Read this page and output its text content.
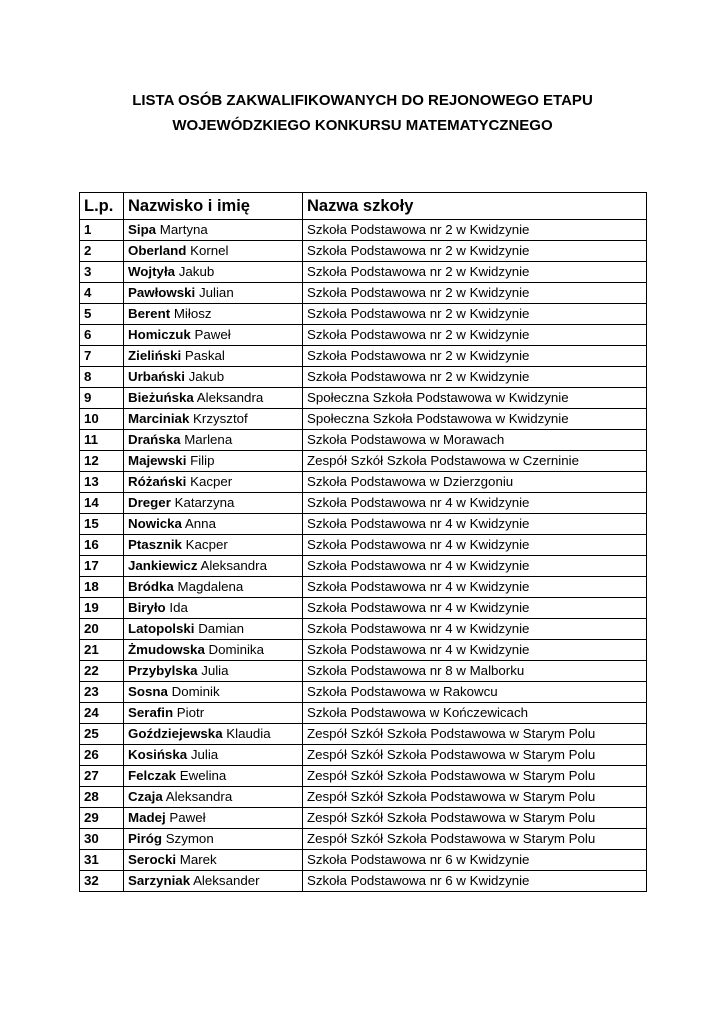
LISTA OSÓB ZAKWALIFIKOWANYCH DO REJONOWEGO ETAPU
WOJEWÓDZKIEGO KONKURSU MATEMATYCZNEGO
L.p.	Nazwisko i imię	Nazwa szkoły
1	Sipa Martyna	Szkoła Podstawowa nr 2 w Kwidzynie
2	Oberland Kornel	Szkoła Podstawowa nr 2 w Kwidzynie
3	Wojtyła Jakub	Szkoła Podstawowa nr 2 w Kwidzynie
4	Pawłowski Julian	Szkoła Podstawowa nr 2 w Kwidzynie
5	Berent Miłosz	Szkoła Podstawowa nr 2 w Kwidzynie
6	Homiczuk Paweł	Szkoła Podstawowa nr 2 w Kwidzynie
7	Zieliński Paskal	Szkoła Podstawowa nr 2 w Kwidzynie
8	Urbański Jakub	Szkoła Podstawowa nr 2 w Kwidzynie
9	Bieżuńska Aleksandra	Społeczna Szkoła Podstawowa w Kwidzynie
10	Marciniak Krzysztof	Społeczna Szkoła Podstawowa w Kwidzynie
11	Drańska Marlena	Szkoła Podstawowa w Morawach
12	Majewski Filip	Zespół Szkół Szkoła Podstawowa w Czerninie
13	Różański Kacper	Szkoła Podstawowa w Dzierzgoniu
14	Dreger Katarzyna	Szkoła Podstawowa nr 4 w Kwidzynie
15	Nowicka Anna	Szkoła Podstawowa nr 4 w Kwidzynie
16	Ptasznik Kacper	Szkoła Podstawowa nr 4 w Kwidzynie
17	Jankiewicz Aleksandra	Szkoła Podstawowa nr 4 w Kwidzynie
18	Bródka Magdalena	Szkoła Podstawowa nr 4 w Kwidzynie
19	Biryło Ida	Szkoła Podstawowa nr 4 w Kwidzynie
20	Latopolski Damian	Szkoła Podstawowa nr 4 w Kwidzynie
21	Żmudowska Dominika	Szkoła Podstawowa nr 4 w Kwidzynie
22	Przybylska Julia	Szkoła Podstawowa nr 8 w Malborku
23	Sosna Dominik	Szkoła Podstawowa w Rakowcu
24	Serafin Piotr	Szkoła Podstawowa w Kończewicach
25	Goździejewska Klaudia	Zespół Szkół Szkoła Podstawowa w Starym Polu
26	Kosińska Julia	Zespół Szkół Szkoła Podstawowa w Starym Polu
27	Felczak Ewelina	Zespół Szkół Szkoła Podstawowa w Starym Polu
28	Czaja Aleksandra	Zespół Szkół Szkoła Podstawowa w Starym Polu
29	Madej Paweł	Zespół Szkół Szkoła Podstawowa w Starym Polu
30	Piróg Szymon	Zespół Szkół Szkoła Podstawowa w Starym Polu
31	Serocki Marek	Szkoła Podstawowa nr 6 w Kwidzynie
32	Sarzyniak Aleksander	Szkoła Podstawowa nr 6 w Kwidzynie
